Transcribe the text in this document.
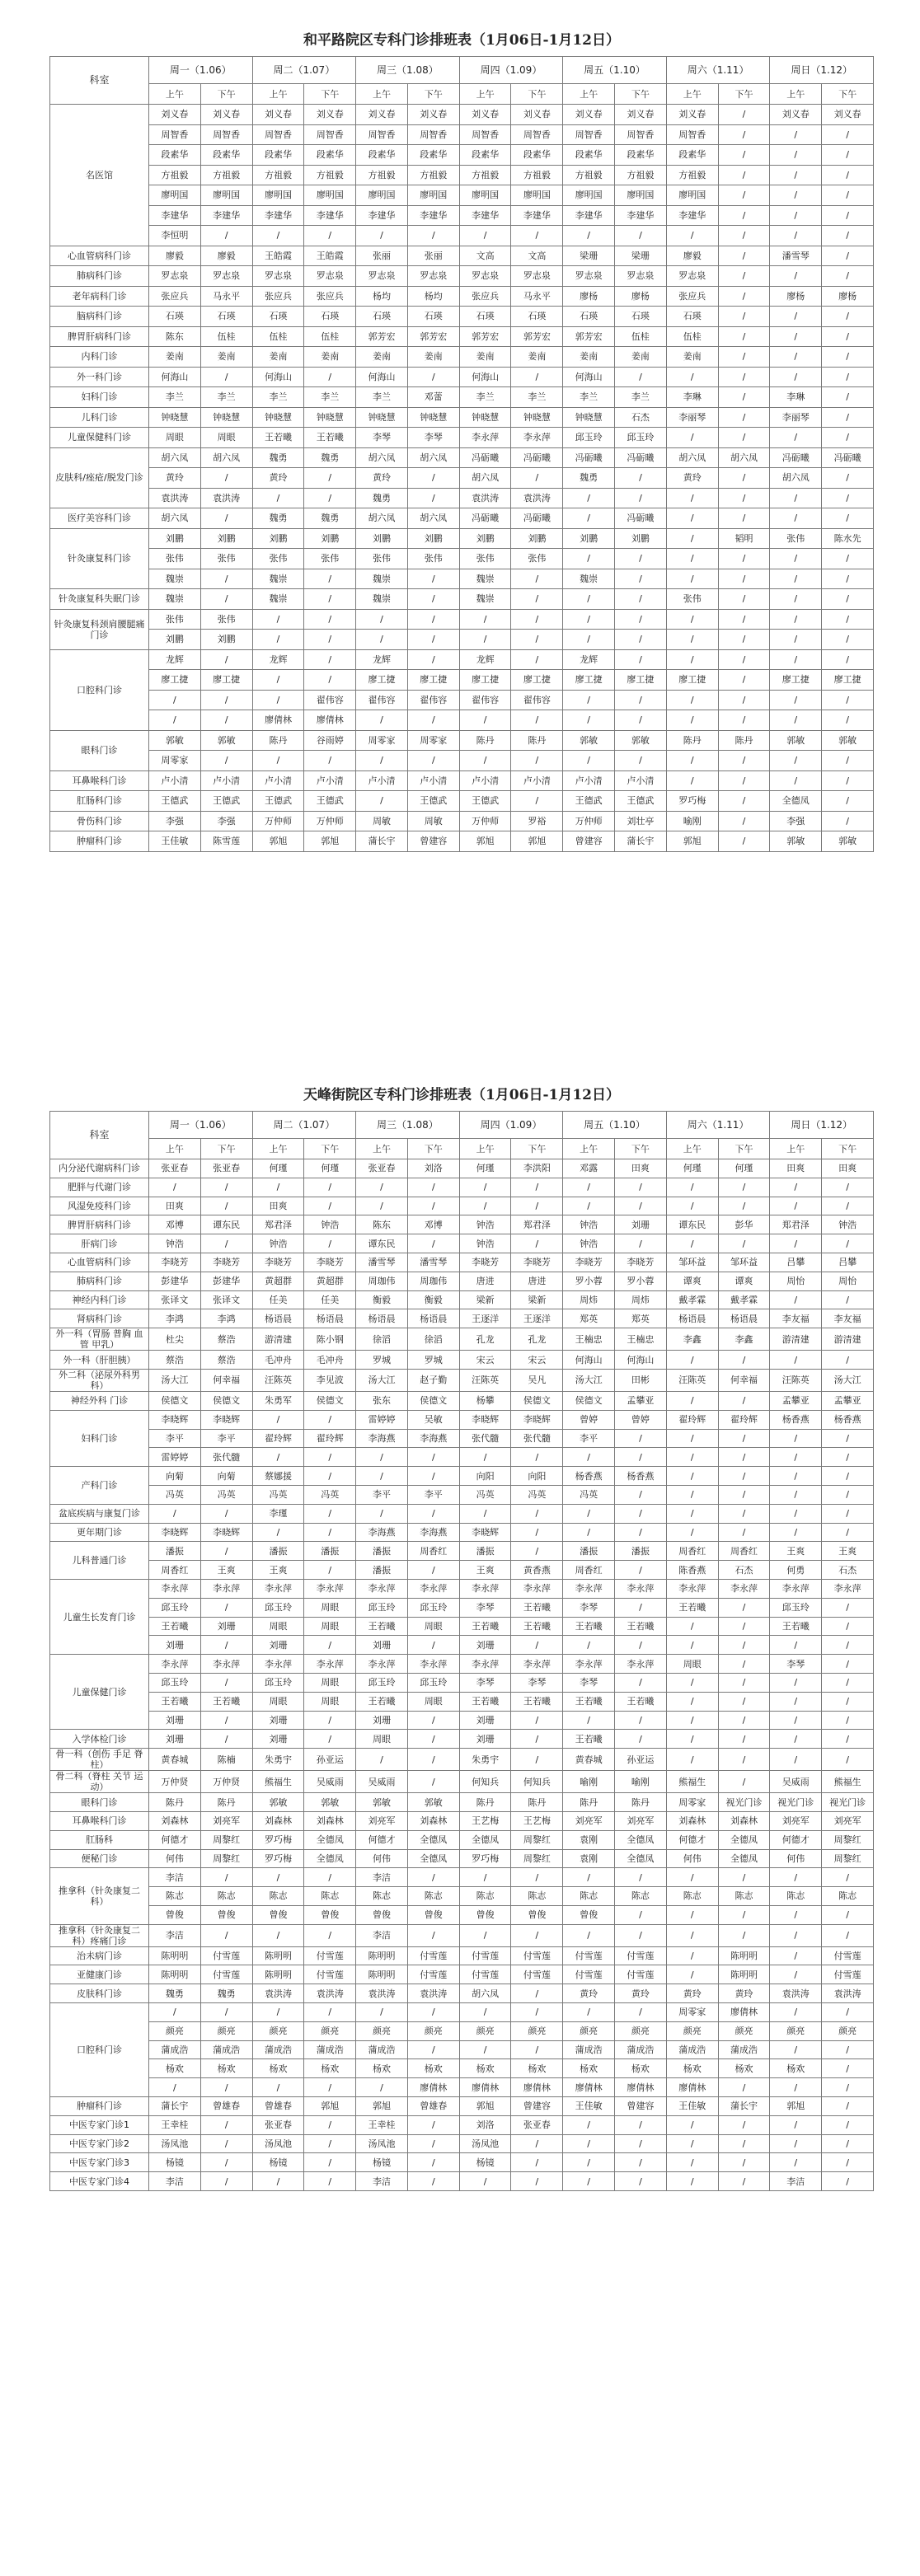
和平路院区专科门诊排班表（1月06日-1月12日）
科室	周一（1.06）		周二（1.07）		周三（1.08）		周四（1.09）		周五（1.10）		周六（1.11）		周日（1.12）	
	上午	下午	上午	下午	上午	下午	上午	下午	上午	下午	上午	下午	上午	下午
名医馆	刘义春	刘义春	刘义春	刘义春	刘义春	刘义春	刘义春	刘义春	刘义春	刘义春	刘义春	/	刘义春	刘义春
	周智香	周智香	周智香	周智香	周智香	周智香	周智香	周智香	周智香	周智香	周智香	/	/	/
	段素华	段素华	段素华	段素华	段素华	段素华	段素华	段素华	段素华	段素华	段素华	/	/	/
	方祖毅	方祖毅	方祖毅	方祖毅	方祖毅	方祖毅	方祖毅	方祖毅	方祖毅	方祖毅	方祖毅	/	/	/
	廖明国	廖明国	廖明国	廖明国	廖明国	廖明国	廖明国	廖明国	廖明国	廖明国	廖明国	/	/	/
	李建华	李建华	李建华	李建华	李建华	李建华	李建华	李建华	李建华	李建华	李建华	/	/	/
	李恒明	/	/	/	/	/	/	/	/	/	/	/	/	/
心血管病科门诊	廖毅	廖毅	王皓霞	王皓霞	张丽	张丽	文高	文高	梁珊	梁珊	廖毅	/	潘雪琴	/
肺病科门诊	罗志泉	罗志泉	罗志泉	罗志泉	罗志泉	罗志泉	罗志泉	罗志泉	罗志泉	罗志泉	罗志泉	/	/	/
老年病科门诊	张应兵	马永平	张应兵	张应兵	杨均	杨均	张应兵	马永平	廖杨	廖杨	张应兵	/	廖杨	廖杨
脑病科门诊	石瑛	石瑛	石瑛	石瑛	石瑛	石瑛	石瑛	石瑛	石瑛	石瑛	石瑛	/	/	/
脾胃肝病科门诊	陈东	伍桂	伍桂	伍桂	郭芳宏	郭芳宏	郭芳宏	郭芳宏	郭芳宏	伍桂	伍桂	/	/	/
内科门诊	姜南	姜南	姜南	姜南	姜南	姜南	姜南	姜南	姜南	姜南	姜南	/	/	/
外一科门诊	何海山	/	何海山	/	何海山	/	何海山	/	何海山	/	/	/	/	/
妇科门诊	李兰	李兰	李兰	李兰	李兰	邓蕾	李兰	李兰	李兰	李兰	李琳	/	李琳	/
儿科门诊	钟晓慧	钟晓慧	钟晓慧	钟晓慧	钟晓慧	钟晓慧	钟晓慧	钟晓慧	钟晓慧	石杰	李丽琴	/	李丽琴	/
儿童保健科门诊	周眼	周眼	王若曦	王若曦	李琴	李琴	李永萍	李永萍	邱玉玲	邱玉玲	/	/	/	/
皮肤科/痤疮/脱发门诊	胡六凤	胡六凤	魏勇	魏勇	胡六凤	胡六凤	冯砺曦	冯砺曦	冯砺曦	冯砺曦	胡六凤	胡六凤	冯砺曦	冯砺曦
	黄玲	/	黄玲	/	黄玲	/	胡六凤	/	魏勇	/	黄玲	/	胡六凤	/
	袁洪涛	袁洪涛	/	/	魏勇	/	袁洪涛	袁洪涛	/	/	/	/	/	/
医疗美容科门诊	胡六凤	/	魏勇	魏勇	胡六凤	胡六凤	冯砺曦	冯砺曦	/	冯砺曦	/	/	/	/
针灸康复科门诊	刘鹏	刘鹏	刘鹏	刘鹏	刘鹏	刘鹏	刘鹏	刘鹏	刘鹏	刘鹏	/	韬明	张伟	陈水先
	张伟	张伟	张伟	张伟	张伟	张伟	张伟	张伟	/	/	/	/	/	/
	魏崇	/	魏崇	/	魏崇	/	魏崇	/	魏崇	/	/	/	/	/
针灸康复科失眠门诊	魏崇	/	魏崇	/	魏崇	/	魏崇	/	/	/	张伟	/	/	/
针灸康复科颈肩腰腿痛门诊	张伟	张伟	/	/	/	/	/	/	/	/	/	/	/	/
	刘鹏	刘鹏	/	/	/	/	/	/	/	/	/	/	/	/
口腔科门诊	龙辉	/	龙辉	/	龙辉	/	龙辉	/	龙辉	/	/	/	/	/
	廖工捷	廖工捷	/	/	廖工捷	廖工捷	廖工捷	廖工捷	廖工捷	廖工捷	廖工捷	/	廖工捷	廖工捷
	/	/	/	翟伟容	翟伟容	翟伟容	翟伟容	翟伟容	/	/	/	/	/	/
	/	/	廖倩林	廖倩林	/	/	/	/	/	/	/	/	/	/
眼科门诊	郭敏	郭敏	陈丹	谷雨婷	周零家	周零家	陈丹	陈丹	郭敏	郭敏	陈丹	陈丹	郭敏	郭敏
	周零家	/	/	/	/	/	/	/	/	/	/	/	/	/
耳鼻喉科门诊	卢小清	卢小清	卢小清	卢小清	卢小清	卢小清	卢小清	卢小清	卢小清	卢小清	/	/	/	/
肛肠科门诊	王德武	王德武	王德武	王德武	/	王德武	王德武	/	王德武	王德武	罗巧梅	/	全德凤	/
骨伤科门诊	李强	李强	万仲师	万仲师	周敏	周敏	万仲师	罗裕	万仲师	刘壮亭	喻刚	/	李强	/
肿瘤科门诊	王佳敏	陈雪莲	郭旭	郭旭	蒲长宇	曾建容	郭旭	郭旭	曾建容	蒲长宇	郭旭	/	郭敏	郭敏
天峰街院区专科门诊排班表（1月06日-1月12日）
科室	周一（1.06）		周二（1.07）		周三（1.08）		周四（1.09）		周五（1.10）		周六（1.11）		周日（1.12）	
	上午	下午	上午	下午	上午	下午	上午	下午	上午	下午	上午	下午	上午	下午
内分泌代谢病科门诊	张亚春	张亚春	何瑾	何瑾	张亚春	刘洛	何瑾	李洪阳	邓露	田爽	何瑾	何瑾	田爽	田爽
肥胖与代谢门诊	/	/	/	/	/	/	/	/	/	/	/	/	/	/
风湿免疫科门诊	田爽	/	田爽	/	/	/	/	/	/	/	/	/	/	/
脾胃肝病科门诊	邓博	谭东民	郑君泽	钟浩	陈东	邓博	钟浩	郑君泽	钟浩	刘珊	谭东民	彭华	郑君泽	钟浩
肝病门诊	钟浩	/	钟浩	/	谭东民	/	钟浩	/	钟浩	/	/	/	/	/
心血管病科门诊	李晓芳	李晓芳	李晓芳	李晓芳	潘雪琴	潘雪琴	李晓芳	李晓芳	李晓芳	李晓芳	邹环益	邹环益	吕攀	吕攀
肺病科门诊	彭建华	彭建华	黄超群	黄超群	周珈伟	周珈伟	唐进	唐进	罗小蓉	罗小蓉	谭爽	谭爽	周怡	周怡
神经内科门诊	张译文	张译文	任美	任美	衡毅	衡毅	梁新	梁新	周炜	周炜	戴孝霖	戴孝霖	/	/
肾病科门诊	李鸿	李鸿	杨语晨	杨语晨	杨语晨	杨语晨	王逐洋	王逐洋	郑英	郑英	杨语晨	杨语晨	李友福	李友福
外一科（胃肠 普胸 血管 甲乳）	杜尖	蔡浩	游清建	陈小钢	徐滔	徐滔	孔龙	孔龙	王楠忠	王楠忠	李鑫	李鑫	游清建	游清建
外一科（肝胆胰）	蔡浩	蔡浩	毛冲舟	毛冲舟	罗城	罗城	宋云	宋云	何海山	何海山	/	/	/	/
外二科（泌尿外科男科）	汤大江	何幸福	汪陈英	李见波	汤大江	赵子勤	汪陈英	吴凡	汤大江	田彬	汪陈英	何幸福	汪陈英	汤大江
神经外科 门诊	侯德文	侯德文	朱勇军	侯德文	张东	侯德文	杨攀	侯德文	侯德文	孟攀亚	/	/	孟攀亚	孟攀亚
妇科门诊	李晓辉	李晓辉	/	/	雷婷婷	吴敏	李晓辉	李晓辉	曾婷	曾婷	翟玲辉	翟玲辉	杨香燕	杨香燕
	李平	李平	翟玲辉	翟玲辉	李海燕	李海燕	张代髓	张代髓	李平	/	/	/	/	/
	雷婷婷	张代髓	/	/	/	/	/	/	/	/	/	/	/	/
产科门诊	向菊	向菊	蔡娜援	/	/	/	向阳	向阳	杨香燕	杨香燕	/	/	/	/
	冯英	冯英	冯英	冯英	李平	李平	冯英	冯英	冯英	/	/	/	/	/
盆底疾病与康复门诊	/	/	李瑾	/	/	/	/	/	/	/	/	/	/	/
更年期门诊	李晓辉	李晓辉	/	/	李海燕	李海燕	李晓辉	/	/	/	/	/	/	/
儿科普通门诊	潘振	/	潘振	潘振	潘振	周香红	潘振	/	潘振	潘振	周香红	周香红	王爽	王爽
	周香红	王爽	王爽	/	潘振	/	王爽	黄香燕	周香红	/	陈香燕	石杰	何勇	石杰
儿童生长发育门诊	李永萍	李永萍	李永萍	李永萍	李永萍	李永萍	李永萍	李永萍	李永萍	李永萍	李永萍	李永萍	李永萍	李永萍
	邱玉玲	/	邱玉玲	周眼	邱玉玲	邱玉玲	李琴	王若曦	李琴	/	王若曦	/	邱玉玲	/
	王若曦	刘珊	周眼	周眼	王若曦	周眼	王若曦	王若曦	王若曦	王若曦	/	/	王若曦	/
	刘珊	/	刘珊	/	刘珊	/	刘珊	/	/	/	/	/	/	/
儿童保健门诊	李永萍	李永萍	李永萍	李永萍	李永萍	李永萍	李永萍	李永萍	李永萍	李永萍	周眼	/	李琴	/
	邱玉玲	/	邱玉玲	周眼	邱玉玲	邱玉玲	李琴	李琴	李琴	/	/	/	/	/
	王若曦	王若曦	周眼	周眼	王若曦	周眼	王若曦	王若曦	王若曦	王若曦	/	/	/	/
	刘珊	/	刘珊	/	刘珊	/	刘珊	/	/	/	/	/	/	/
入学体检门诊	刘珊	/	刘珊	/	周眼	/	刘珊	/	王若曦	/	/	/	/	/
骨一科（创伤 手足 脊柱）	黄春城	陈楠	朱勇宇	孙亚运	/	/	朱勇宇	/	黄春城	孙亚运	/	/	/	/
骨二科（脊柱 关节 运动）	万仲贤	万仲贤	熊福生	吴威雨	吴威雨	/	何知兵	何知兵	喻刚	喻刚	熊福生	/	吴威雨	熊福生
眼科门诊	陈丹	陈丹	郭敏	郭敏	郭敏	郭敏	陈丹	陈丹	陈丹	陈丹	周零家	视光门诊	视光门诊	视光门诊
耳鼻喉科门诊	刘森林	刘亮军	刘森林	刘森林	刘亮军	刘森林	王艺梅	王艺梅	刘亮军	刘亮军	刘森林	刘森林	刘亮军	刘亮军
肛肠科	何德才	周黎红	罗巧梅	全德凤	何德才	全德凤	全德凤	周黎红	袁刚	全德凤	何德才	全德凤	何德才	周黎红
便秘门诊	何伟	周黎红	罗巧梅	全德凤	何伟	全德凤	罗巧梅	周黎红	袁刚	全德凤	何伟	全德凤	何伟	周黎红
推拿科（针灸康复二科）	李洁	/	/	/	李洁	/	/	/	/	/	/	/	/	/
	陈志	陈志	陈志	陈志	陈志	陈志	陈志	陈志	陈志	陈志	陈志	陈志	陈志	陈志
	曾俊	曾俊	曾俊	曾俊	曾俊	曾俊	曾俊	曾俊	曾俊	/	/	/	/	/
推拿科（针灸康复二科）疼痛门诊	李洁	/	/	/	李洁	/	/	/	/	/	/	/	/	/
治未病门诊	陈明明	付雪莲	陈明明	付雪莲	陈明明	付雪莲	付雪莲	付雪莲	付雪莲	付雪莲	/	陈明明	/	付雪莲
亚健康门诊	陈明明	付雪莲	陈明明	付雪莲	陈明明	付雪莲	付雪莲	付雪莲	付雪莲	付雪莲	/	陈明明	/	付雪莲
皮肤科门诊	魏勇	魏勇	袁洪涛	袁洪涛	袁洪涛	袁洪涛	胡六凤	/	黄玲	黄玲	黄玲	黄玲	袁洪涛	袁洪涛
口腔科门诊	/	/	/	/	/	/	/	/	/	/	周零家	廖倩林	/	/
	颜亮	颜亮	颜亮	颜亮	颜亮	颜亮	颜亮	颜亮	颜亮	颜亮	颜亮	颜亮	颜亮	颜亮
	蒲成浩	蒲成浩	蒲成浩	蒲成浩	蒲成浩	/	/	/	蒲成浩	蒲成浩	蒲成浩	蒲成浩	/	/
	杨欢	杨欢	杨欢	杨欢	杨欢	杨欢	杨欢	杨欢	杨欢	杨欢	杨欢	杨欢	杨欢	/
	/	/	/	/	/	廖倩林	廖倩林	廖倩林	廖倩林	廖倩林	廖倩林	/	/	/
肿瘤科门诊	蒲长宇	曾雄春	曾雄春	郭旭	郭旭	曾雄春	郭旭	曾建容	王佳敏	曾建容	王佳敏	蒲长宇	郭旭	/
中医专家门诊1	王幸桂	/	张亚春	/	王幸桂	/	刘洛	张亚春	/	/	/	/	/	/
中医专家门诊2	汤凤池	/	汤凤池	/	汤凤池	/	汤凤池	/	/	/	/	/	/	/
中医专家门诊3	杨镜	/	杨镜	/	杨镜	/	杨镜	/	/	/	/	/	/	/
中医专家门诊4	李洁	/	/	/	李洁	/	/	/	/	/	/	/	李洁	/
